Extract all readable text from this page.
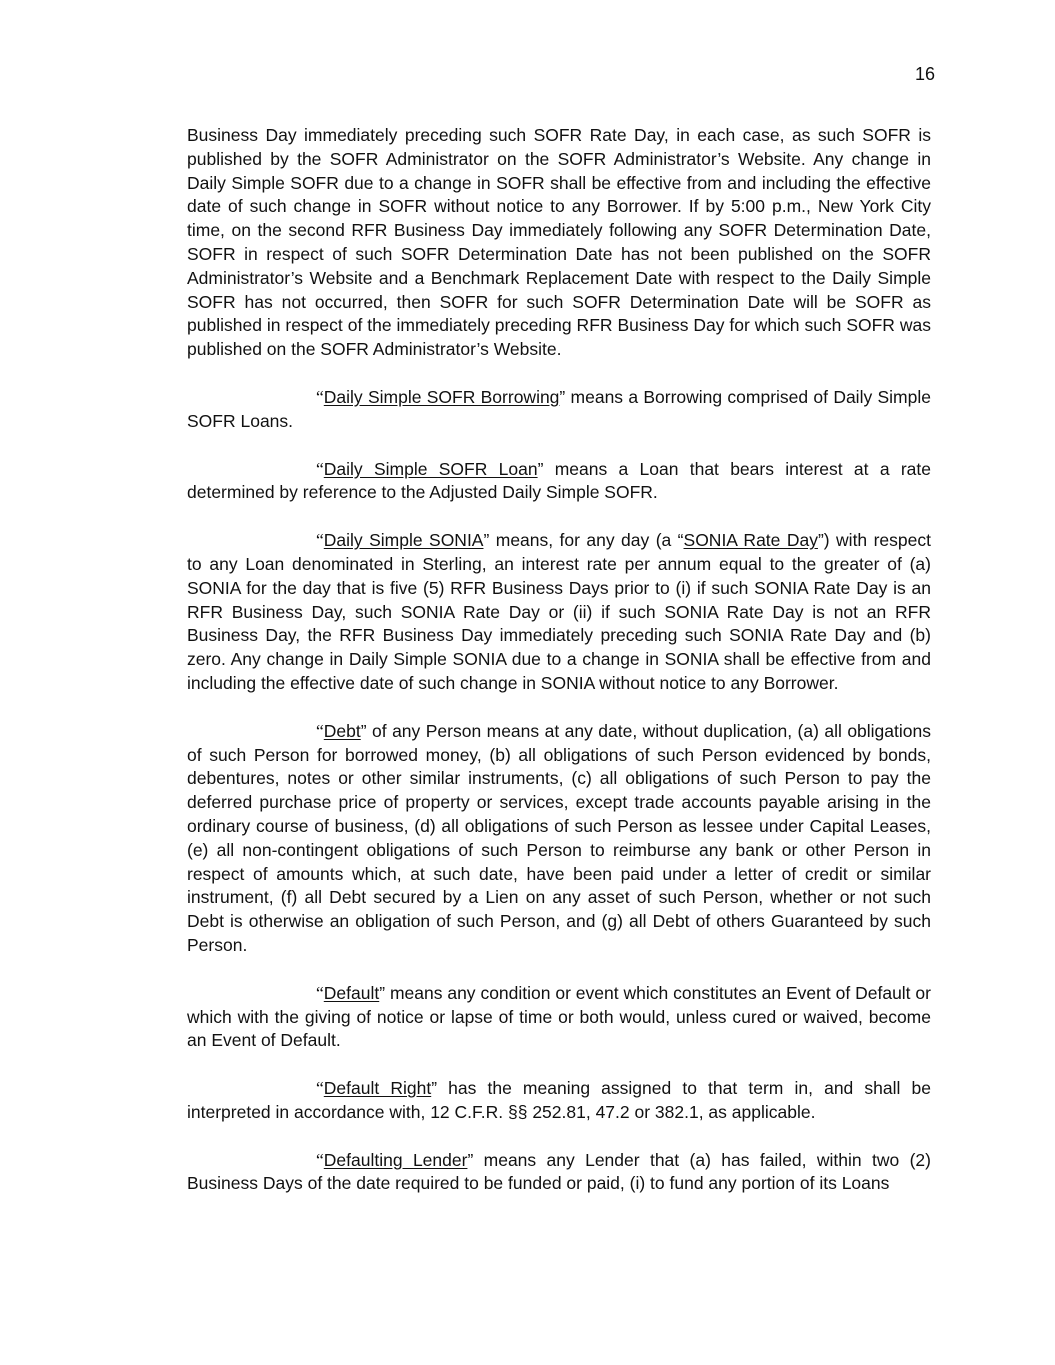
16

Business Day immediately preceding such SOFR Rate Day, in each case, as such SOFR is published by the SOFR Administrator on the SOFR Administrator’s Website. Any change in Daily Simple SOFR due to a change in SOFR shall be effective from and including the effective date of such change in SOFR without notice to any Borrower. If by 5:00 p.m., New York City time, on the second RFR Business Day immediately following any SOFR Determination Date, SOFR in respect of such SOFR Determination Date has not been published on the SOFR Administrator’s Website and a Benchmark Replacement Date with respect to the Daily Simple SOFR has not occurred, then SOFR for such SOFR Determination Date will be SOFR as published in respect of the immediately preceding RFR Business Day for which such SOFR was published on the SOFR Administrator’s Website.

“Daily Simple SOFR Borrowing” means a Borrowing comprised of Daily Simple SOFR Loans.

“Daily Simple SOFR Loan” means a Loan that bears interest at a rate determined by reference to the Adjusted Daily Simple SOFR.

“Daily Simple SONIA” means, for any day (a “SONIA Rate Day”) with respect to any Loan denominated in Sterling, an interest rate per annum equal to the greater of (a) SONIA for the day that is five (5) RFR Business Days prior to (i) if such SONIA Rate Day is an RFR Business Day, such SONIA Rate Day or (ii) if such SONIA Rate Day is not an RFR Business Day, the RFR Business Day immediately preceding such SONIA Rate Day and (b) zero. Any change in Daily Simple SONIA due to a change in SONIA shall be effective from and including the effective date of such change in SONIA without notice to any Borrower.

“Debt” of any Person means at any date, without duplication, (a) all obligations of such Person for borrowed money, (b) all obligations of such Person evidenced by bonds, debentures, notes or other similar instruments, (c) all obligations of such Person to pay the deferred purchase price of property or services, except trade accounts payable arising in the ordinary course of business, (d) all obligations of such Person as lessee under Capital Leases, (e) all non-contingent obligations of such Person to reimburse any bank or other Person in respect of amounts which, at such date, have been paid under a letter of credit or similar instrument, (f) all Debt secured by a Lien on any asset of such Person, whether or not such Debt is otherwise an obligation of such Person, and (g) all Debt of others Guaranteed by such Person.

“Default” means any condition or event which constitutes an Event of Default or which with the giving of notice or lapse of time or both would, unless cured or waived, become an Event of Default.

“Default Right” has the meaning assigned to that term in, and shall be interpreted in accordance with, 12 C.F.R. §§ 252.81, 47.2 or 382.1, as applicable.

“Defaulting Lender” means any Lender that (a) has failed, within two (2) Business Days of the date required to be funded or paid, (i) to fund any portion of its Loans
